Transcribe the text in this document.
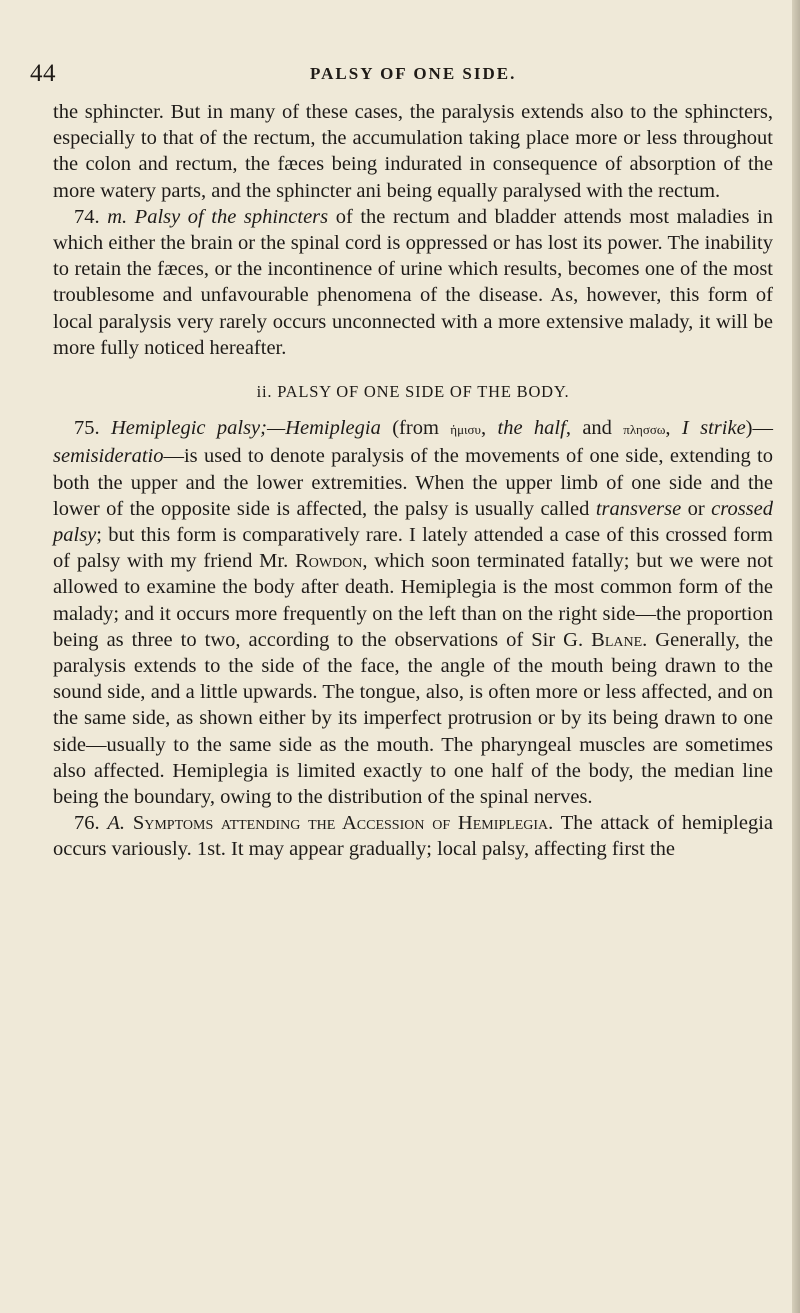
44	PALSY OF ONE SIDE.

the sphincter. But in many of these cases, the paralysis extends also to the sphincters, especially to that of the rectum, the accumulation taking place more or less throughout the colon and rectum, the fæces being indurated in consequence of absorption of the more watery parts, and the sphincter ani being equally paralysed with the rectum.

74. m. Palsy of the sphincters of the rectum and bladder attends most maladies in which either the brain or the spinal cord is oppressed or has lost its power. The inability to retain the fæces, or the incontinence of urine which results, becomes one of the most troublesome and unfavourable phenomena of the disease. As, however, this form of local paralysis very rarely occurs unconnected with a more extensive malady, it will be more fully noticed hereafter.

ii. PALSY OF ONE SIDE OF THE BODY.

75. Hemiplegic palsy;—Hemiplegia (from ἡμισυ, the half, and πλησσω, I strike)—semisideratio—is used to denote paralysis of the movements of one side, extending to both the upper and the lower extremities. When the upper limb of one side and the lower of the opposite side is affected, the palsy is usually called transverse or crossed palsy; but this form is comparatively rare. I lately attended a case of this crossed form of palsy with my friend Mr. Rowdon, which soon terminated fatally; but we were not allowed to examine the body after death. Hemiplegia is the most common form of the malady; and it occurs more frequently on the left than on the right side—the proportion being as three to two, according to the observations of Sir G. Blane. Generally, the paralysis extends to the side of the face, the angle of the mouth being drawn to the sound side, and a little upwards. The tongue, also, is often more or less affected, and on the same side, as shown either by its imperfect protrusion or by its being drawn to one side—usually to the same side as the mouth. The pharyngeal muscles are sometimes also affected. Hemiplegia is limited exactly to one half of the body, the median line being the boundary, owing to the distribution of the spinal nerves.

76. A. Symptoms attending the Accession of Hemiplegia. The attack of hemiplegia occurs variously. 1st. It may appear gradually; local palsy, affecting first the
